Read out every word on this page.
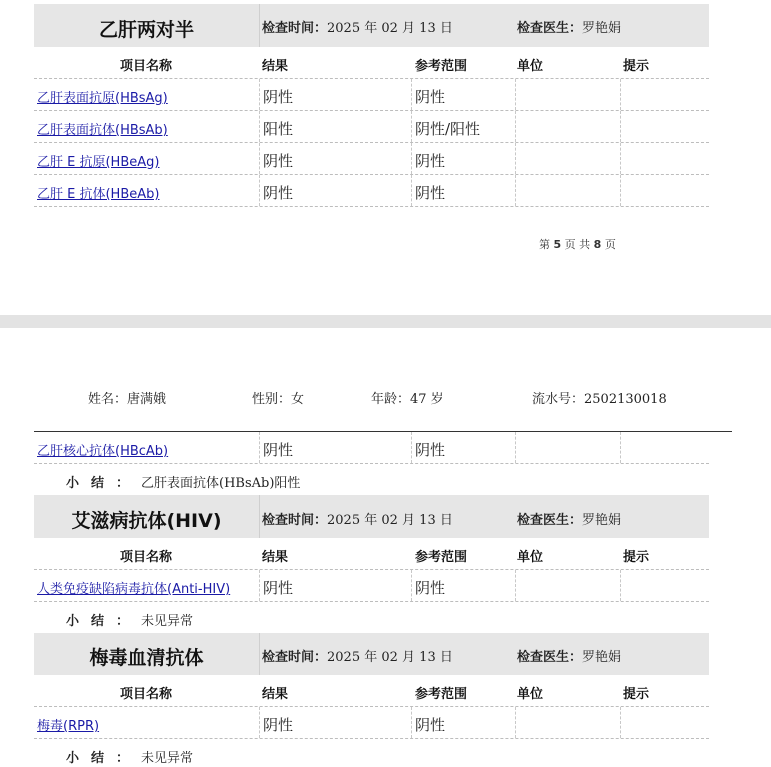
乙肝两对半	检查时间：2025 年 02 月 13 日	检查医生：罗艳娟
项目名称	结果	参考范围	单位	提示
乙肝表面抗原(HBsAg)	阴性	阴性
乙肝表面抗体(HBsAb)	阳性	阴性/阳性
乙肝 E 抗原(HBeAg)	阴性	阴性
乙肝 E 抗体(HBeAb)	阴性	阴性
第 5 页 共 8 页
姓名：唐满娥	性别：女	年龄：47 岁	流水号：2502130018
乙肝核心抗体(HBcAb)	阴性	阴性
小结：乙肝表面抗体(HBsAb)阳性
艾滋病抗体(HIV)	检查时间：2025 年 02 月 13 日	检查医生：罗艳娟
项目名称	结果	参考范围	单位	提示
人类免疫缺陷病毒抗体(Anti-HIV) 阴性	阴性
小结：未见异常
梅毒血清抗体	检查时间：2025 年 02 月 13 日	检查医生：罗艳娟
项目名称	结果	参考范围	单位	提示
梅毒(RPR)	阴性	阴性
小结：未见异常
